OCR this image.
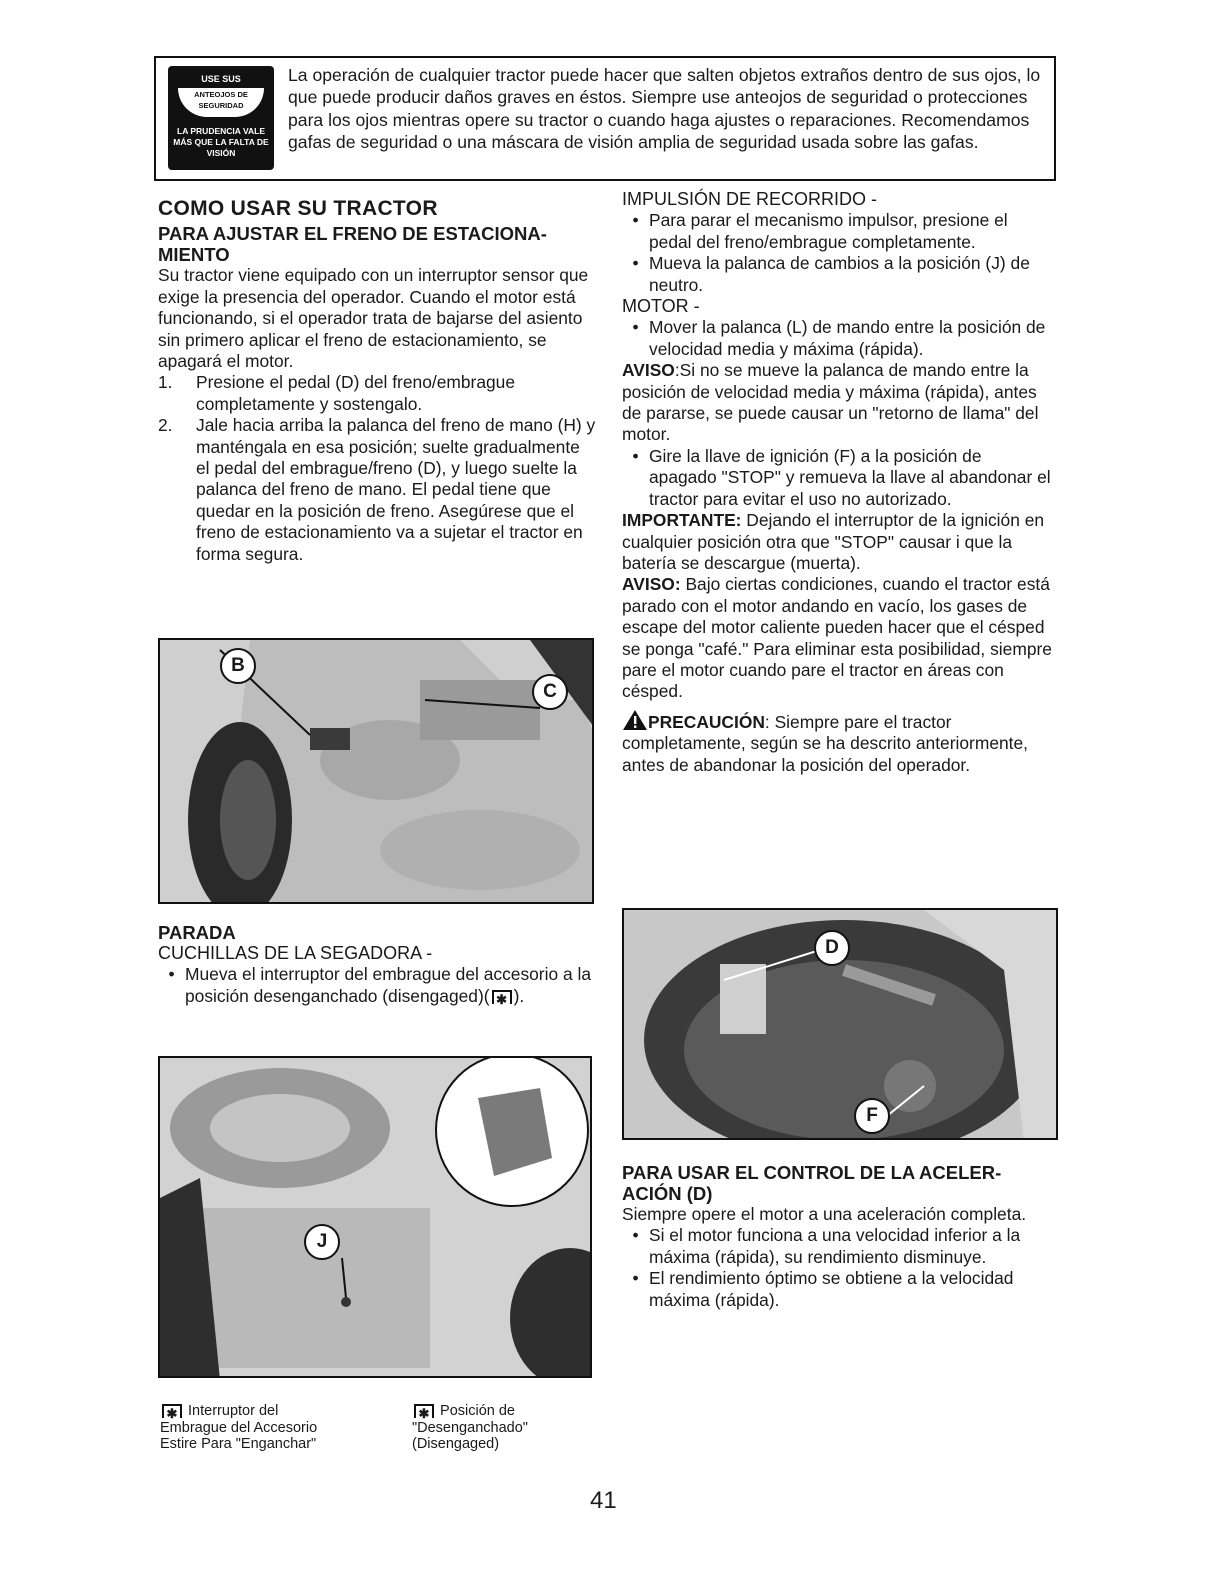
USE SUS
ANTEOJOS DE SEGURIDAD
LA PRUDENCIA VALE MÁS QUE LA FALTA DE VISIÓN
La operación de cualquier tractor puede hacer que salten objetos extraños dentro de sus ojos, lo que puede producir daños graves en éstos. Siempre use anteojos de seguridad o protecciones para los ojos mientras opere su tractor o cuando haga ajustes o reparaciones. Recomendamos gafas de seguridad o una máscara de visión amplia de seguridad usada sobre las gafas.
COMO USAR SU TRACTOR
PARA AJUSTAR EL FRENO DE ESTACIONA-MIENTO

Su tractor viene equipado con un interruptor sensor que exige la presencia del operador. Cuando el motor está funcionando, si el operador trata de bajarse del asiento sin primero aplicar el freno de estacionamiento, se apagará el motor.

1.	Presione el pedal (D) del freno/embrague completamente y sostengalo.
2.	Jale hacia arriba la palanca del freno de mano (H) y manténgala en esa posición; suelte gradualmente el pedal del embrague/freno (D), y luego suelte la palanca del freno de mano. El pedal tiene que quedar en la posición de freno. Asegúrese que el freno de estacionamiento va a sujetar el tractor en forma segura.
B
C
PARADA

CUCHILLAS DE LA SEGADORA -

• Mueva el interruptor del embrague del accesorio a la posición desenganchado (disengaged)( ✱ ).
J
✱ Interruptor del
Embrague del Accesorio
Estire Para "Enganchar"
✱ Posición de
"Desenganchado"
(Disengaged)

IMPULSIÓN DE RECORRIDO -

• Para parar el mecanismo impulsor, presione el pedal del freno/embrague completamente.
• Mueva la palanca de cambios a la posición (J) de neutro.

MOTOR -

• Mover la palanca (L) de mando entre la posición de velocidad media y máxima (rápida).

AVISO:Si no se mueve la palanca de mando entre la posición de velocidad media y máxima (rápida), antes de pararse, se puede causar un "retorno de llama" del motor.

• Gire la llave de ignición (F) a la posición de apagado "STOP" y remueva la llave al abandonar el tractor para evitar el uso no autorizado.

IMPORTANTE: Dejando el interruptor de la ignición en cualquier posición otra que "STOP" causar i que la batería se descargue (muerta).

AVISO: Bajo ciertas condiciones, cuando el tractor está parado con el motor andando en vacío, los gases de escape del motor caliente pueden hacer que el césped se ponga "café." Para eliminar esta posibilidad, siempre pare el motor cuando pare el tractor en áreas con césped.

PRECAUCIÓN: Siempre pare el tractor completamente, según se ha descrito anteriormente, antes de abandonar la posición del operador.

D
F
PARA USAR EL CONTROL DE LA ACELER-ACIÓN (D)

Siempre opere el motor a una aceleración completa.

• Si el motor funciona a una velocidad inferior a la máxima (rápida), su rendimiento disminuye.
• El rendimiento óptimo se obtiene a la velocidad máxima (rápida).
41
